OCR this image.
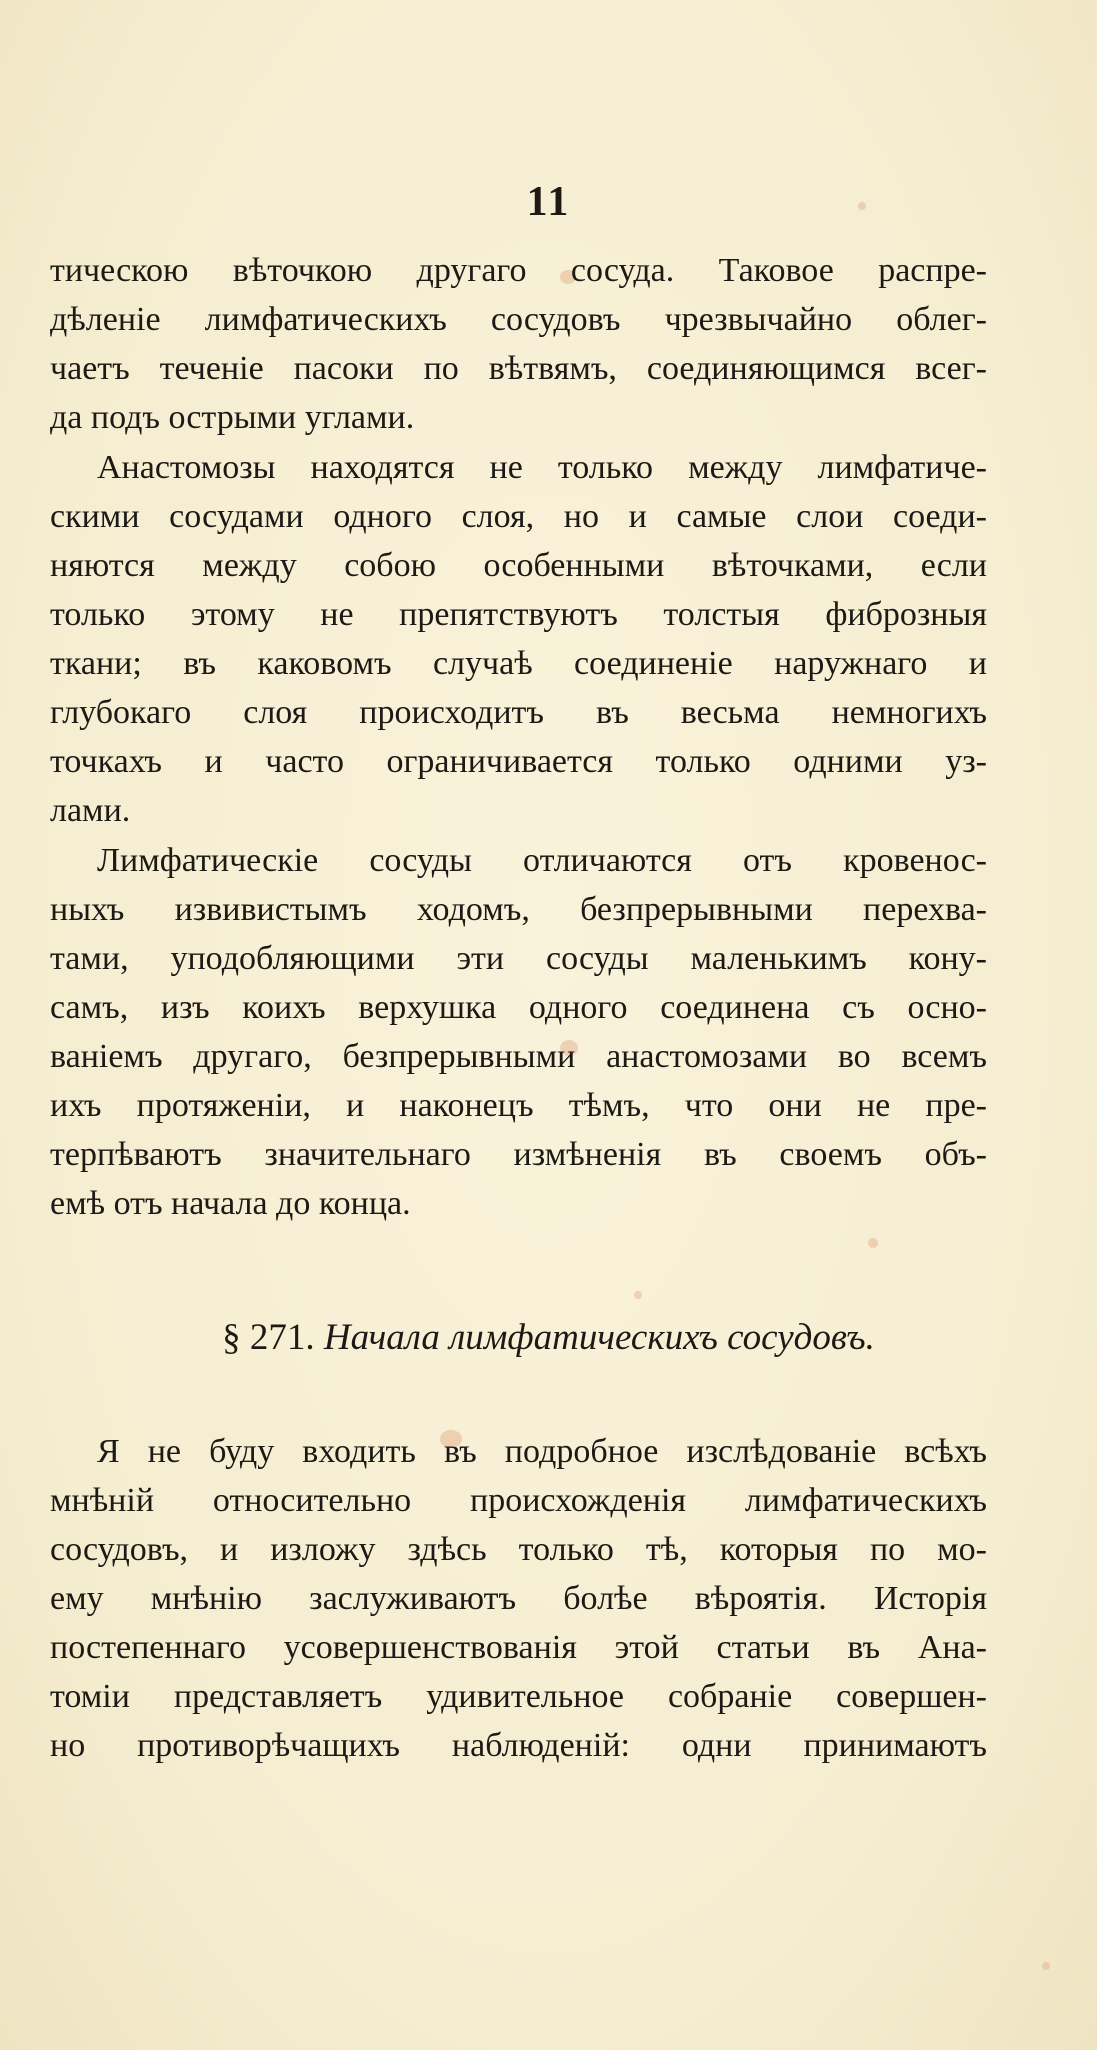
11
тическою вѣточкою другаго сосуда. Таковое распре-
дѣленіе лимфатическихъ сосудовъ чрезвычайно облег-
чаетъ теченіе пасоки по вѣтвямъ, соединяющимся всег-
да подъ острыми углами.
Анастомозы находятся не только между лимфатиче-
скими сосудами одного слоя, но и самые слои соеди-
няются между собою особенными вѣточками, если
только этому не препятствуютъ толстыя фиброзныя
ткани; въ каковомъ случаѣ соединеніе наружнаго и
глубокаго слоя происходитъ въ весьма немногихъ
точкахъ и часто ограничивается только одними уз-
лами.
Лимфатическіе сосуды отличаются отъ кровенос-
ныхъ извивистымъ ходомъ, безпрерывными перехва-
тами, уподобляющими эти сосуды маленькимъ кону-
самъ, изъ коихъ верхушка одного соединена съ осно-
ваніемъ другаго, безпрерывными анастомозами во всемъ
ихъ протяженіи, и наконецъ тѣмъ, что они не пре-
терпѣваютъ значительнаго измѣненія въ своемъ объ-
емѣ отъ начала до конца.
§ 271. Начала лимфатическихъ сосудовъ.
Я не буду входить въ подробное изслѣдованіе всѣхъ
мнѣній относительно происхожденія лимфатическихъ
сосудовъ, и изложу здѣсь только тѣ, которыя по мо-
ему мнѣнію заслуживаютъ болѣе вѣроятія. Исторія
постепеннаго усовершенствованія этой статьи въ Ана-
томіи представляетъ удивительное собраніе совершен-
но противорѣчащихъ наблюденій: одни принимаютъ
